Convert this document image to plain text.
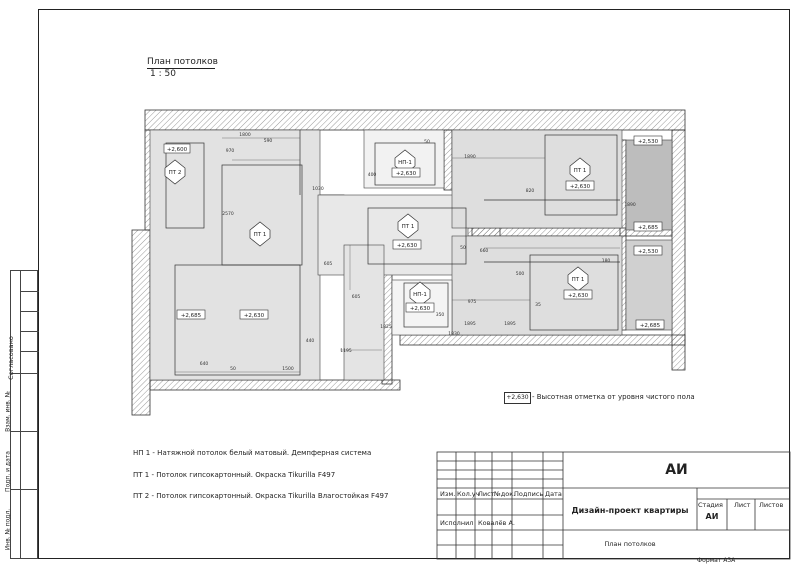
Согласовано
Взам. инв. №
Подп. и дата
Инв. № подл.
План потолков
1 : 50
ПТ 2
ПТ 1
НП-1
ПТ 1
ПТ 1
ПТ 1
НП-1
+2,600
+2,685	+2,630
+2,630
+2,630
+2,630
+2,630
+2,630
+2,530
+2,685
+2,530
+2,685
1800
970
590
1030
2570
1500
640
50
1195
605
605
440
50
1890
820
1890
660
500
975
50
1895	1895
1825
1830
400
350
35
180
+2,630 - Высотная отметка от уровня чистого пола
НП 1 - Натяжной потолок белый матовый. Демпферная система
ПТ 1 - Потолок гипсокартонный. Окраска Tikurilla F497
ПТ 2 - Потолок гипсокартонный. Окраска Tikurilla Влагостойкая F497
АИ
Изм. Кол.уч
Лист №док.
Подпись Дата
Исполнил Ковалёв А.
Дизайн-проект квартиры
План потолков
Стадия Лист Листов
АИ
Формат А3А
